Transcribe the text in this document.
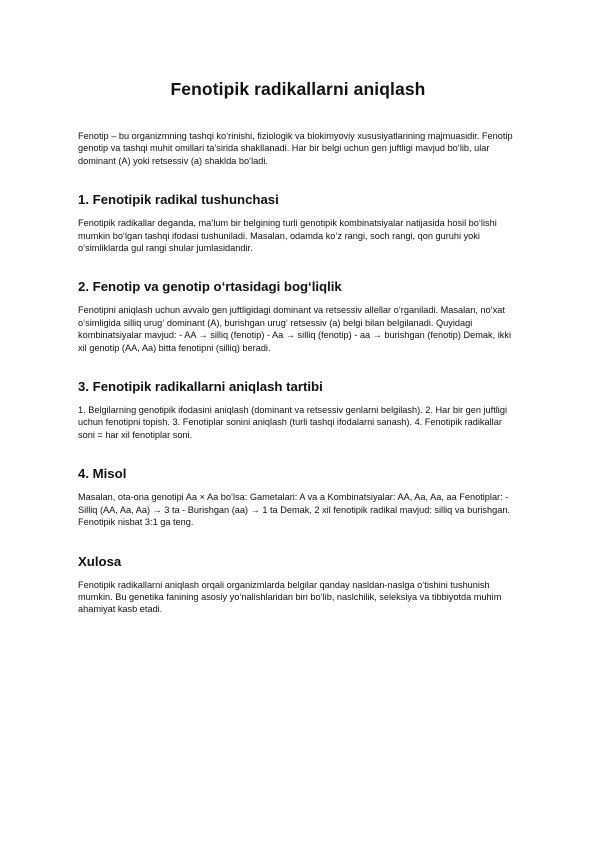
Fenotipik radikallarni aniqlash

Fenotip – bu organizmning tashqi ko‘rinishi, fiziologik va biokimyoviy xususiyatlarining majmuasidir. Fenotip genotip va tashqi muhit omillari ta’sirida shakllanadi. Har bir belgi uchun gen juftligi mavjud bo‘lib, ular dominant (A) yoki retsessiv (a) shaklda bo‘ladi.

1. Fenotipik radikal tushunchasi

Fenotipik radikallar deganda, ma’lum bir belgining turli genotipik kombinatsiyalar natijasida hosil bo‘lishi mumkin bo‘lgan tashqi ifodasi tushuniladi. Masalan, odamda ko‘z rangi, soch rangi, qon guruhi yoki o‘simliklarda gul rangi shular jumlasidandir.

2. Fenotip va genotip o‘rtasidagi bog‘liqlik

Fenotipni aniqlash uchun avvalo gen juftligidagi dominant va retsessiv allellar o‘rganiladi. Masalan, no‘xat o‘simligida silliq urug‘ dominant (A), burishgan urug‘ retsessiv (a) belgi bilan belgilanadi. Quyidagi kombinatsiyalar mavjud: - AA → silliq (fenotip) - Aa → silliq (fenotip) - aa → burishgan (fenotip) Demak, ikki xil genotip (AA, Aa) bitta fenotipni (silliq) beradi.

3. Fenotipik radikallarni aniqlash tartibi

1. Belgilarning genotipik ifodasini aniqlash (dominant va retsessiv genlarni belgilash). 2. Har bir gen juftligi uchun fenotipni topish. 3. Fenotiplar sonini aniqlash (turli tashqi ifodalarni sanash). 4. Fenotipik radikallar soni = har xil fenotiplar soni.

4. Misol

Masalan, ota-ona genotipi Aa × Aa bo‘lsa: Gametalari: A va a Kombinatsiyalar: AA, Aa, Aa, aa Fenotiplar: - Silliq (AA, Aa, Aa) → 3 ta - Burishgan (aa) → 1 ta Demak, 2 xil fenotipik radikal mavjud: silliq va burishgan. Fenotipik nisbat 3:1 ga teng.

Xulosa

Fenotipik radikallarni aniqlash orqali organizmlarda belgilar qanday nasldan-naslga o‘tishini tushunish mumkin. Bu genetika fanining asosiy yo‘nalishlaridan biri bo‘lib, naslchilik, seleksiya va tibbiyotda muhim ahamiyat kasb etadi.
